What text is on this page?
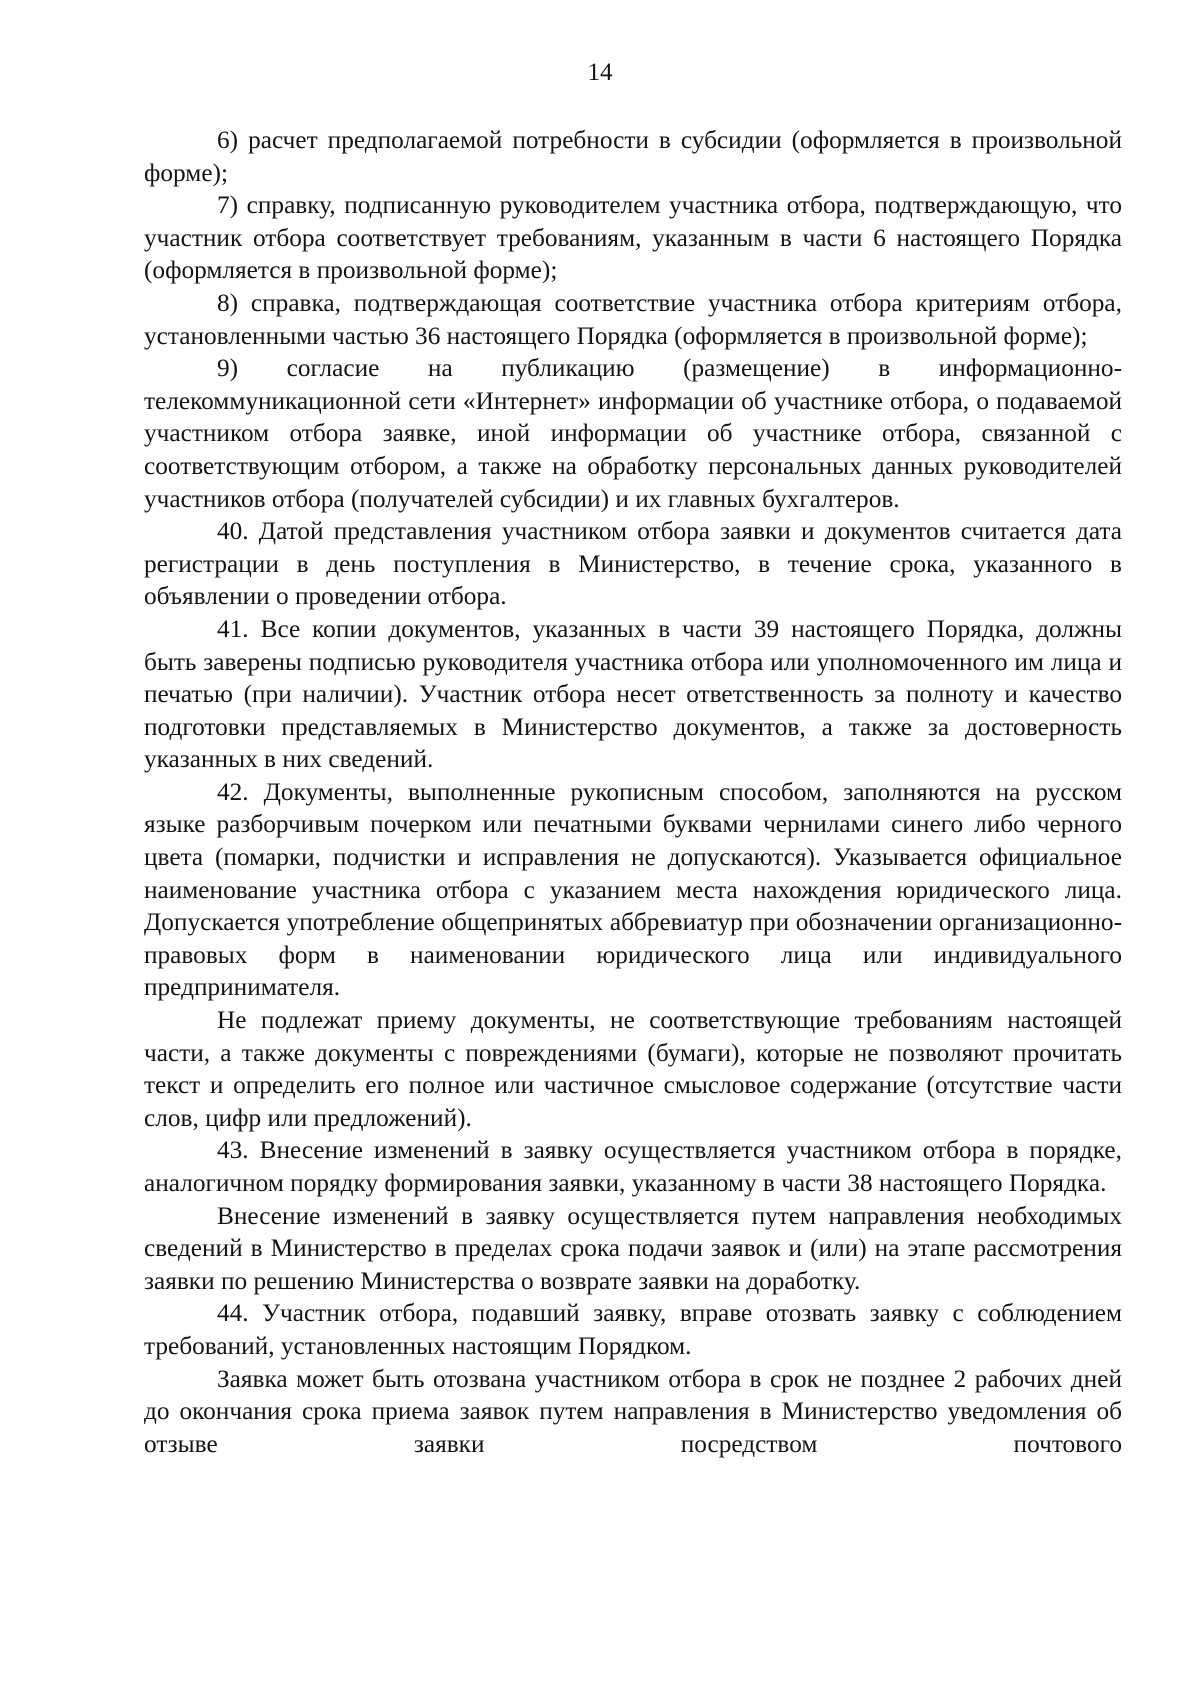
14

6) расчет предполагаемой потребности в субсидии (оформляется в произвольной форме);

7) справку, подписанную руководителем участника отбора, подтверждающую, что участник отбора соответствует требованиям, указанным в части 6 настоящего Порядка (оформляется в произвольной форме);

8) справка, подтверждающая соответствие участника отбора критериям отбора, установленными частью 36 настоящего Порядка (оформляется в произвольной форме);

9) согласие на публикацию (размещение) в информационно-телекоммуникационной сети «Интернет» информации об участнике отбора, о подаваемой участником отбора заявке, иной информации об участнике отбора, связанной с соответствующим отбором, а также на обработку персональных данных руководителей участников отбора (получателей субсидии) и их главных бухгалтеров.

40. Датой представления участником отбора заявки и документов считается дата регистрации в день поступления в Министерство, в течение срока, указанного в объявлении о проведении отбора.

41. Все копии документов, указанных в части 39 настоящего Порядка, должны быть заверены подписью руководителя участника отбора или уполномоченного им лица и печатью (при наличии). Участник отбора несет ответственность за полноту и качество подготовки представляемых в Министерство документов, а также за достоверность указанных в них сведений.

42. Документы, выполненные рукописным способом, заполняются на русском языке разборчивым почерком или печатными буквами чернилами синего либо черного цвета (помарки, подчистки и исправления не допускаются). Указывается официальное наименование участника отбора с указанием места нахождения юридического лица. Допускается употребление общепринятых аббревиатур при обозначении организационно-правовых форм в наименовании юридического лица или индивидуального предпринимателя.

Не подлежат приему документы, не соответствующие требованиям настоящей части, а также документы с повреждениями (бумаги), которые не позволяют прочитать текст и определить его полное или частичное смысловое содержание (отсутствие части слов, цифр или предложений).

43. Внесение изменений в заявку осуществляется участником отбора в порядке, аналогичном порядку формирования заявки, указанному в части 38 настоящего Порядка.

Внесение изменений в заявку осуществляется путем направления необходимых сведений в Министерство в пределах срока подачи заявок и (или) на этапе рассмотрения заявки по решению Министерства о возврате заявки на доработку.

44. Участник отбора, подавший заявку, вправе отозвать заявку с соблюдением требований, установленных настоящим Порядком.

Заявка может быть отозвана участником отбора в срок не позднее 2 рабочих дней до окончания срока приема заявок путем направления в Министерство уведомления об отзыве заявки посредством почтового
